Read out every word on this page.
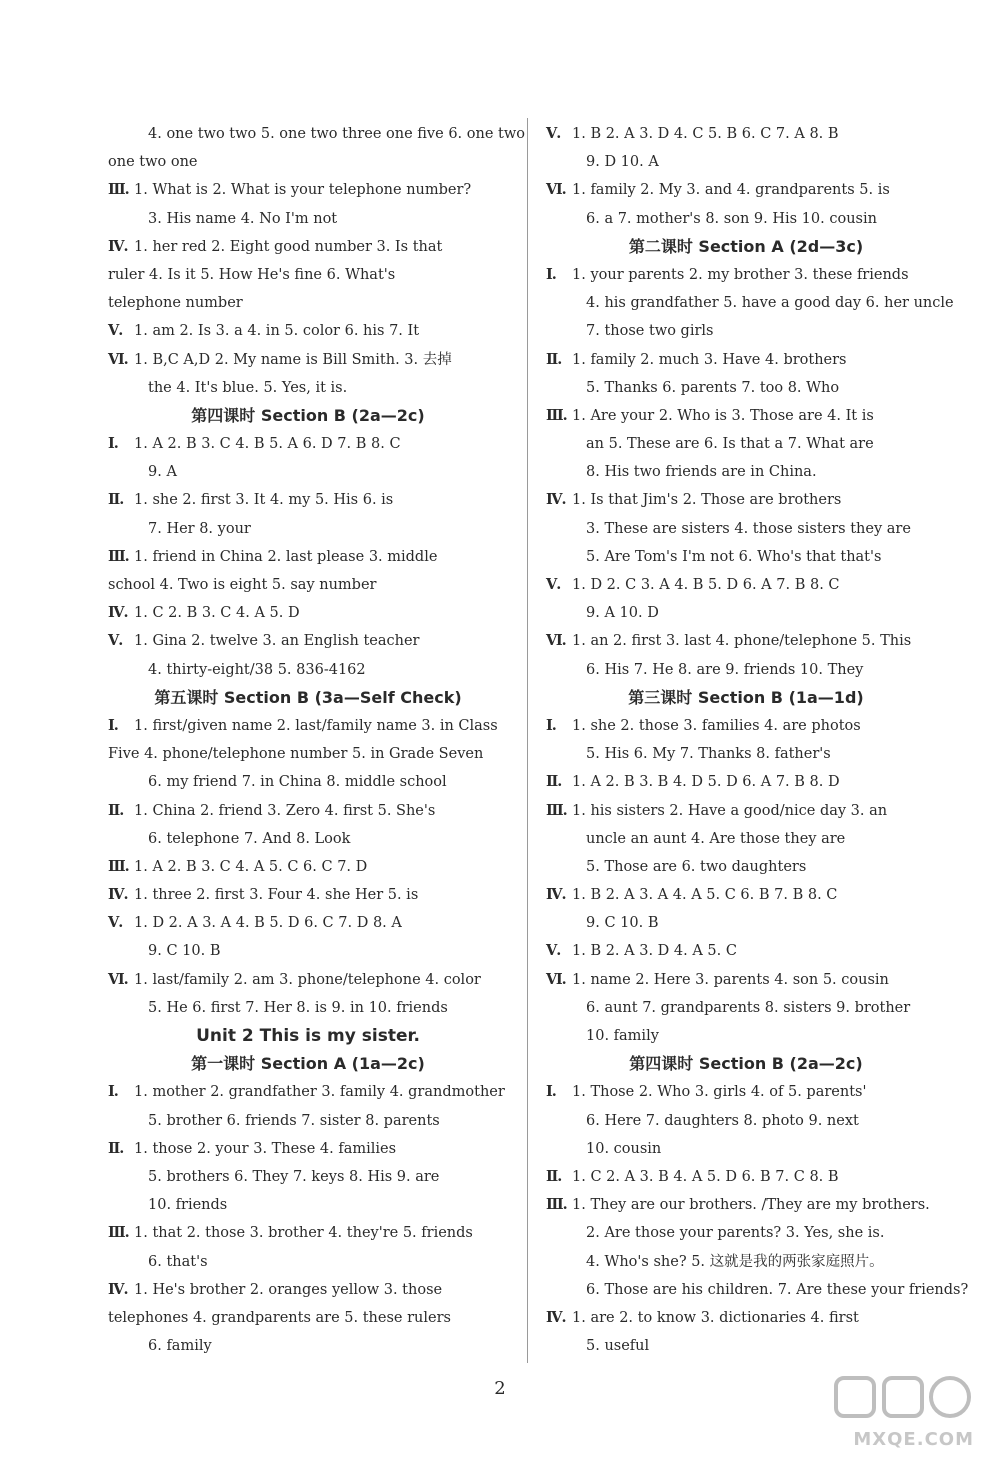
4. one two two 5. one two three one five 6. one two
one two one
Ⅲ. 1. What is 2. What is your telephone number?
3. His name 4. No I'm not
Ⅳ. 1. her red 2. Eight good number 3. Is that
ruler 4. Is it 5. How He's fine 6. What's
telephone number
Ⅴ. 1. am 2. Is 3. a 4. in 5. color 6. his 7. It
Ⅵ. 1. B,C A,D 2. My name is Bill Smith. 3. 去掉
the 4. It's blue. 5. Yes, it is.
第四课时 Section B (2a—2c)
Ⅰ. 1. A 2. B 3. C 4. B 5. A 6. D 7. B 8. C
9. A
Ⅱ. 1. she 2. first 3. It 4. my 5. His 6. is
7. Her 8. your
Ⅲ. 1. friend in China 2. last please 3. middle
school 4. Two is eight 5. say number
Ⅳ. 1. C 2. B 3. C 4. A 5. D
Ⅴ. 1. Gina 2. twelve 3. an English teacher
4. thirty-eight/38 5. 836-4162
第五课时 Section B (3a—Self Check)
Ⅰ. 1. first/given name 2. last/family name 3. in Class
Five 4. phone/telephone number 5. in Grade Seven
6. my friend 7. in China 8. middle school
Ⅱ. 1. China 2. friend 3. Zero 4. first 5. She's
6. telephone 7. And 8. Look
Ⅲ. 1. A 2. B 3. C 4. A 5. C 6. C 7. D
Ⅳ. 1. three 2. first 3. Four 4. she Her 5. is
Ⅴ. 1. D 2. A 3. A 4. B 5. D 6. C 7. D 8. A
9. C 10. B
Ⅵ. 1. last/family 2. am 3. phone/telephone 4. color
5. He 6. first 7. Her 8. is 9. in 10. friends
Unit 2 This is my sister.
第一课时 Section A (1a—2c)
Ⅰ. 1. mother 2. grandfather 3. family 4. grandmother
5. brother 6. friends 7. sister 8. parents
Ⅱ. 1. those 2. your 3. These 4. families
5. brothers 6. They 7. keys 8. His 9. are
10. friends
Ⅲ. 1. that 2. those 3. brother 4. they're 5. friends
6. that's
Ⅳ. 1. He's brother 2. oranges yellow 3. those
telephones 4. grandparents are 5. these rulers
6. family
Ⅴ. 1. B 2. A 3. D 4. C 5. B 6. C 7. A 8. B
9. D 10. A
Ⅵ. 1. family 2. My 3. and 4. grandparents 5. is
6. a 7. mother's 8. son 9. His 10. cousin
第二课时 Section A (2d—3c)
Ⅰ. 1. your parents 2. my brother 3. these friends
4. his grandfather 5. have a good day 6. her uncle
7. those two girls
Ⅱ. 1. family 2. much 3. Have 4. brothers
5. Thanks 6. parents 7. too 8. Who
Ⅲ. 1. Are your 2. Who is 3. Those are 4. It is
an 5. These are 6. Is that a 7. What are
8. His two friends are in China.
Ⅳ. 1. Is that Jim's 2. Those are brothers
3. These are sisters 4. those sisters they are
5. Are Tom's I'm not 6. Who's that that's
Ⅴ. 1. D 2. C 3. A 4. B 5. D 6. A 7. B 8. C
9. A 10. D
Ⅵ. 1. an 2. first 3. last 4. phone/telephone 5. This
6. His 7. He 8. are 9. friends 10. They
第三课时 Section B (1a—1d)
Ⅰ. 1. she 2. those 3. families 4. are photos
5. His 6. My 7. Thanks 8. father's
Ⅱ. 1. A 2. B 3. B 4. D 5. D 6. A 7. B 8. D
Ⅲ. 1. his sisters 2. Have a good/nice day 3. an
uncle an aunt 4. Are those they are
5. Those are 6. two daughters
Ⅳ. 1. B 2. A 3. A 4. A 5. C 6. B 7. B 8. C
9. C 10. B
Ⅴ. 1. B 2. A 3. D 4. A 5. C
Ⅵ. 1. name 2. Here 3. parents 4. son 5. cousin
6. aunt 7. grandparents 8. sisters 9. brother
10. family
第四课时 Section B (2a—2c)
Ⅰ. 1. Those 2. Who 3. girls 4. of 5. parents'
6. Here 7. daughters 8. photo 9. next
10. cousin
Ⅱ. 1. C 2. A 3. B 4. A 5. D 6. B 7. C 8. B
Ⅲ. 1. They are our brothers. /They are my brothers.
2. Are those your parents? 3. Yes, she is.
4. Who's she? 5. 这就是我的两张家庭照片。
6. Those are his children. 7. Are these your friends?
Ⅳ. 1. are 2. to know 3. dictionaries 4. first
5. useful
2
MXQE.COM
